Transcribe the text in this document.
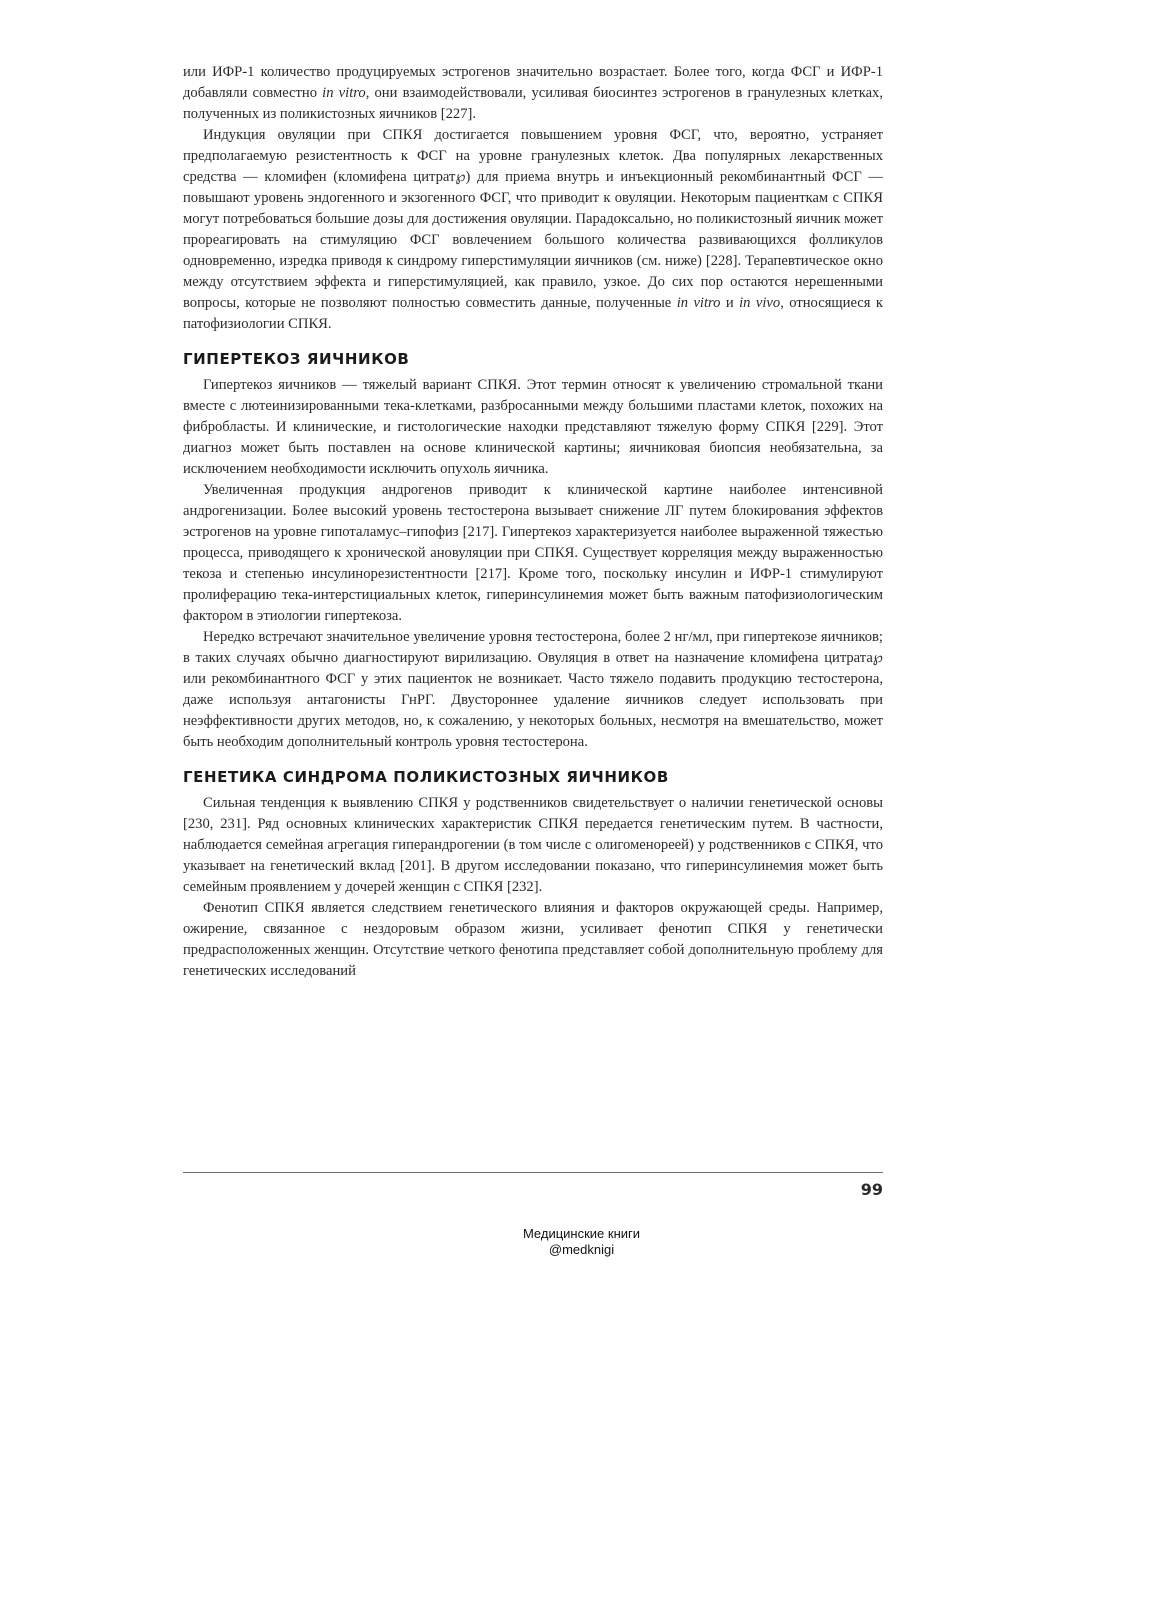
или ИФР-1 количество продуцируемых эстрогенов значительно возрастает. Более того, когда ФСГ и ИФР-1 добавляли совместно in vitro, они взаимодействовали, усиливая биосинтез эстрогенов в гранулезных клетках, полученных из поликистозных яичников [227].

Индукция овуляции при СПКЯ достигается повышением уровня ФСГ, что, вероятно, устраняет предполагаемую резистентность к ФСГ на уровне гранулезных клеток. Два популярных лекарственных средства — кломифен (кломифена цитрат℘) для приема внутрь и инъекционный рекомбинантный ФСГ — повышают уровень эндогенного и экзогенного ФСГ, что приводит к овуляции. Некоторым пациенткам с СПКЯ могут потребоваться большие дозы для достижения овуляции. Парадоксально, но поликистозный яичник может прореагировать на стимуляцию ФСГ вовлечением большого количества развивающихся фолликулов одновременно, изредка приводя к синдрому гиперстимуляции яичников (см. ниже) [228]. Терапевтическое окно между отсутствием эффекта и гиперстимуляцией, как правило, узкое. До сих пор остаются нерешенными вопросы, которые не позволяют полностью совместить данные, полученные in vitro и in vivo, относящиеся к патофизиологии СПКЯ.

ГИПЕРТЕКОЗ ЯИЧНИКОВ

Гипертекоз яичников — тяжелый вариант СПКЯ. Этот термин относят к увеличению стромальной ткани вместе с лютеинизированными тека-клетками, разбросанными между большими пластами клеток, похожих на фибробласты. И клинические, и гистологические находки представляют тяжелую форму СПКЯ [229]. Этот диагноз может быть поставлен на основе клинической картины; яичниковая биопсия необязательна, за исключением необходимости исключить опухоль яичника.

Увеличенная продукция андрогенов приводит к клинической картине наиболее интенсивной андрогенизации. Более высокий уровень тестостерона вызывает снижение ЛГ путем блокирования эффектов эстрогенов на уровне гипоталамус–гипофиз [217]. Гипертекоз характеризуется наиболее выраженной тяжестью процесса, приводящего к хронической ановуляции при СПКЯ. Существует корреляция между выраженностью текоза и степенью инсулинорезистентности [217]. Кроме того, поскольку инсулин и ИФР-1 стимулируют пролиферацию тека-интерстициальных клеток, гиперинсулинемия может быть важным патофизиологическим фактором в этиологии гипертекоза.

Нередко встречают значительное увеличение уровня тестостерона, более 2 нг/мл, при гипертекозе яичников; в таких случаях обычно диагностируют вирилизацию. Овуляция в ответ на назначение кломифена цитрата℘ или рекомбинантного ФСГ у этих пациенток не возникает. Часто тяжело подавить продукцию тестостерона, даже используя антагонисты ГнРГ. Двустороннее удаление яичников следует использовать при неэффективности других методов, но, к сожалению, у некоторых больных, несмотря на вмешательство, может быть необходим дополнительный контроль уровня тестостерона.

ГЕНЕТИКА СИНДРОМА ПОЛИКИСТОЗНЫХ ЯИЧНИКОВ

Сильная тенденция к выявлению СПКЯ у родственников свидетельствует о наличии генетической основы [230, 231]. Ряд основных клинических характеристик СПКЯ передается генетическим путем. В частности, наблюдается семейная агрегация гиперандрогении (в том числе с олигоменореей) у родственников с СПКЯ, что указывает на генетический вклад [201]. В другом исследовании показано, что гиперинсулинемия может быть семейным проявлением у дочерей женщин с СПКЯ [232].

Фенотип СПКЯ является следствием генетического влияния и факторов окружающей среды. Например, ожирение, связанное с нездоровым образом жизни, усиливает фенотип СПКЯ у генетически предрасположенных женщин. Отсутствие четкого фенотипа представляет собой дополнительную проблему для генетических исследований

99
Медицинские книги
@medknigi
